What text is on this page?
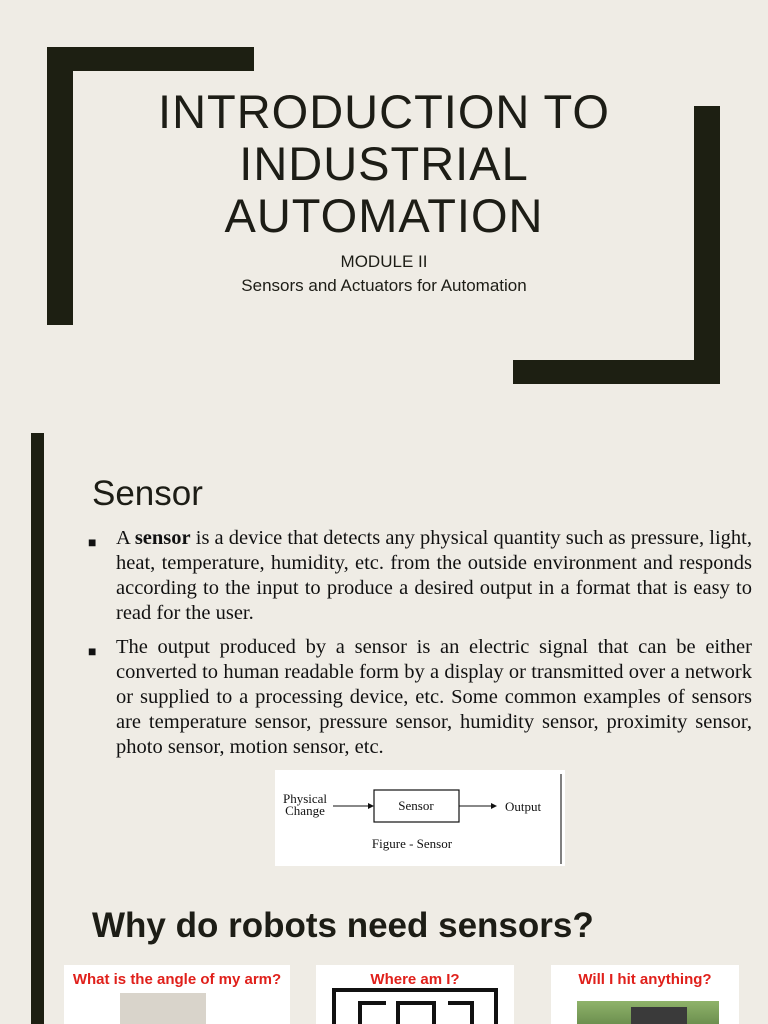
INTRODUCTION TO
INDUSTRIAL
AUTOMATION
MODULE II
Sensors and Actuators for Automation
Sensor
■ A sensor is a device that detects any physical quantity such as pressure, light, heat, temperature, humidity, etc. from the outside environment and responds according to the input to produce a desired output in a format that is easy to read for the user.
■ The output produced by a sensor is an electric signal that can be either converted to human readable form by a display or transmitted over a network or supplied to a processing device, etc. Some common examples of sensors are temperature sensor, pressure sensor, humidity sensor, proximity sensor, photo sensor, motion sensor, etc.
Physical
Change	Sensor	Output
Figure - Sensor
Why do robots need sensors?
What is the angle of my arm?	Where am I?	Will I hit anything?
